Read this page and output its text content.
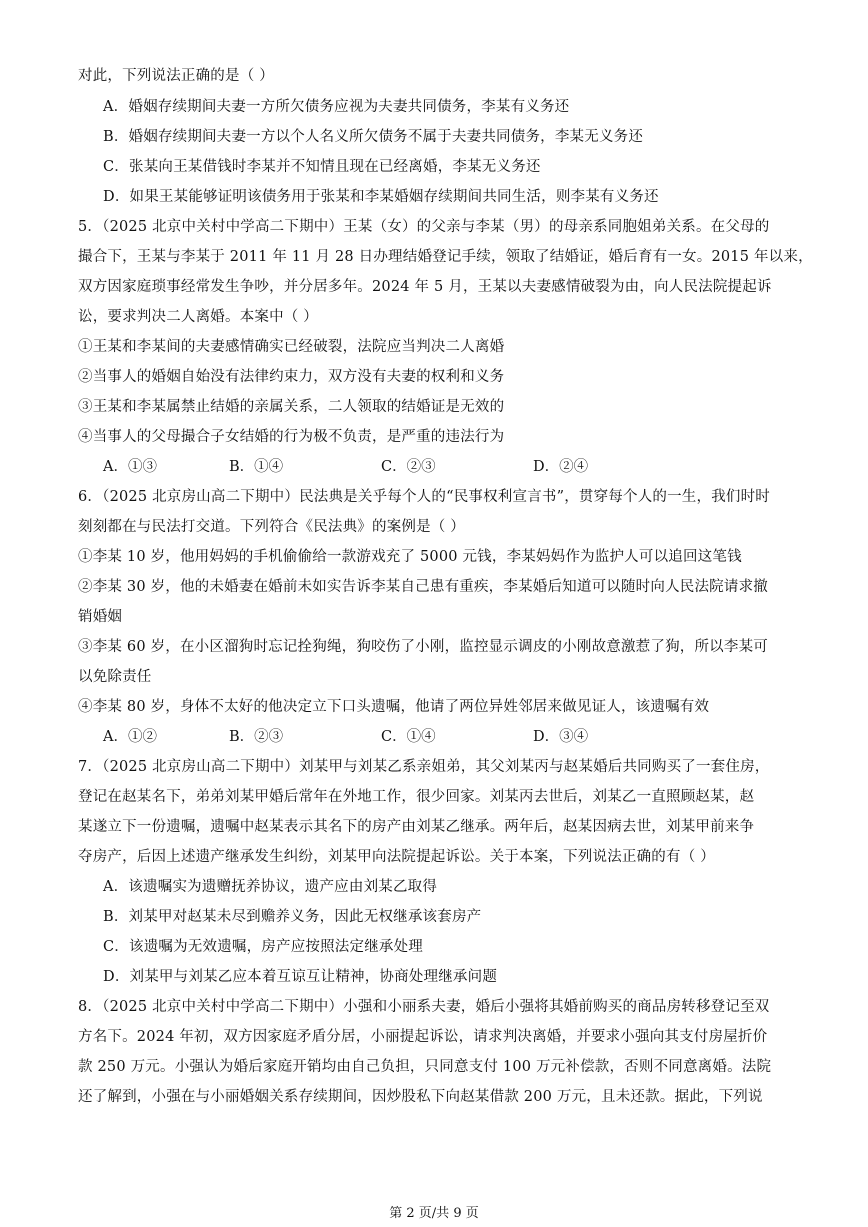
对此，下列说法正确的是（ ）
A．婚姻存续期间夫妻一方所欠债务应视为夫妻共同债务，李某有义务还
B．婚姻存续期间夫妻一方以个人名义所欠债务不属于夫妻共同债务，李某无义务还
C．张某向王某借钱时李某并不知情且现在已经离婚，李某无义务还
D．如果王某能够证明该债务用于张某和李某婚姻存续期间共同生活，则李某有义务还
5．（2025 北京中关村中学高二下期中）王某（女）的父亲与李某（男）的母亲系同胞姐弟关系。在父母的
撮合下，王某与李某于 2011 年 11 月 28 日办理结婚登记手续，领取了结婚证，婚后育有一女。2015 年以来，
双方因家庭琐事经常发生争吵，并分居多年。2024 年 5 月，王某以夫妻感情破裂为由，向人民法院提起诉
讼，要求判决二人离婚。本案中（ ）
①王某和李某间的夫妻感情确实已经破裂，法院应当判决二人离婚
②当事人的婚姻自始没有法律约束力，双方没有夫妻的权利和义务
③王某和李某属禁止结婚的亲属关系，二人领取的结婚证是无效的
④当事人的父母撮合子女结婚的行为极不负责，是严重的违法行为
A．①③	B．①④	C．②③	D．②④
6．（2025 北京房山高二下期中）民法典是关乎每个人的“民事权利宣言书”，贯穿每个人的一生，我们时时
刻刻都在与民法打交道。下列符合《民法典》的案例是（ ）
①李某 10 岁，他用妈妈的手机偷偷给一款游戏充了 5000 元钱，李某妈妈作为监护人可以追回这笔钱
②李某 30 岁，他的未婚妻在婚前未如实告诉李某自己患有重疾，李某婚后知道可以随时向人民法院请求撤
销婚姻
③李某 60 岁，在小区溜狗时忘记拴狗绳，狗咬伤了小刚，监控显示调皮的小刚故意激惹了狗，所以李某可
以免除责任
④李某 80 岁，身体不太好的他决定立下口头遗嘱，他请了两位异姓邻居来做见证人，该遗嘱有效
A．①②	B．②③	C．①④	D．③④
7．（2025 北京房山高二下期中）刘某甲与刘某乙系亲姐弟，其父刘某丙与赵某婚后共同购买了一套住房，
登记在赵某名下，弟弟刘某甲婚后常年在外地工作，很少回家。刘某丙去世后，刘某乙一直照顾赵某，赵
某遂立下一份遗嘱，遗嘱中赵某表示其名下的房产由刘某乙继承。两年后，赵某因病去世，刘某甲前来争
夺房产，后因上述遗产继承发生纠纷，刘某甲向法院提起诉讼。关于本案，下列说法正确的有（ ）
A．该遗嘱实为遗赠抚养协议，遗产应由刘某乙取得
B．刘某甲对赵某未尽到赡养义务，因此无权继承该套房产
C．该遗嘱为无效遗嘱，房产应按照法定继承处理
D．刘某甲与刘某乙应本着互谅互让精神，协商处理继承问题
8．（2025 北京中关村中学高二下期中）小强和小丽系夫妻，婚后小强将其婚前购买的商品房转移登记至双
方名下。2024 年初，双方因家庭矛盾分居，小丽提起诉讼，请求判决离婚，并要求小强向其支付房屋折价
款 250 万元。小强认为婚后家庭开销均由自己负担，只同意支付 100 万元补偿款，否则不同意离婚。法院
还了解到，小强在与小丽婚姻关系存续期间，因炒股私下向赵某借款 200 万元，且未还款。据此，下列说
第 2 页/共 9 页
